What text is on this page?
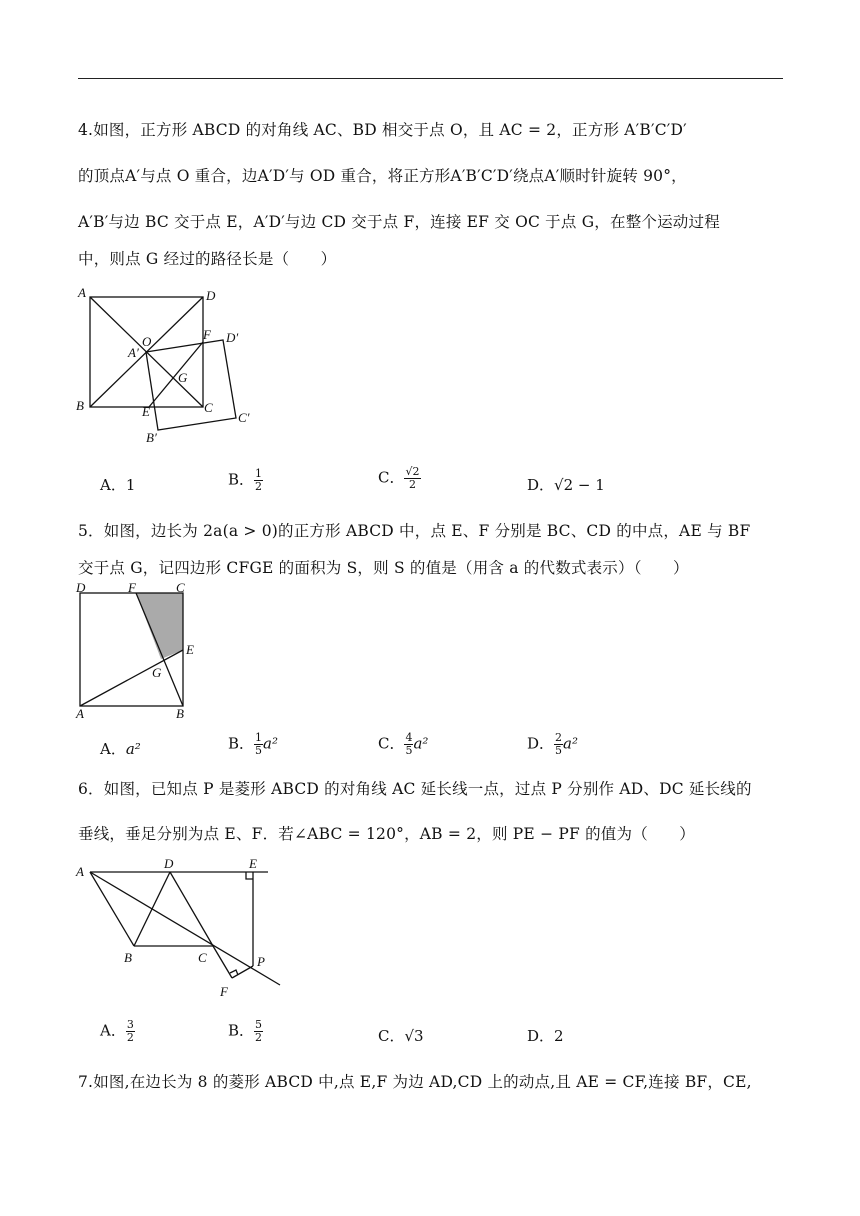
4.如图，正方形 ABCD 的对角线 AC、BD 相交于点 O，且 AC = 2，正方形 A′B′C′D′
的顶点A′与点 O 重合，边A′D′与 OD 重合，将正方形A′B′C′D′绕点A′顺时针旋转 90°，
A′B′与边 BC 交于点 E，A′D′与边 CD 交于点 F，连接 EF 交 OC 于点 G，在整个运动过程
中，则点 G 经过的路径长是（　　）
A	D
F D′
O
A′
G
B	E	C
C′
B′
A．1	B． $\frac{1}{2}$	C． $\frac{√2}{2}$	D．√2 − 1
5．如图，边长为 2a(a > 0)的正方形 ABCD 中，点 E、F 分别是 BC、CD 的中点，AE 与 BF
交于点 G，记四边形 CFGE 的面积为 S，则 S 的值是（用含 a 的代数式表示）（　　）
D	F	C
E
G
A	B
A．a²	B． $\frac{1}{5} a^2$	C． $\frac{4}{5} a^2$	D． $\frac{2}{5} a^2$
6．如图，已知点 P 是菱形 ABCD 的对角线 AC 延长线一点，过点 P 分别作 AD、DC 延长线的
垂线，垂足分别为点 E、F．若∠ABC = 120°，AB = 2，则 PE − PF 的值为（　　）
A
D	E
B	C	P
F
A． $\frac{3}{2}$	B． $\frac{5}{2}$	C．√3	D．2
7.如图,在边长为 8 的菱形 ABCD 中,点 E,F 为边 AD,CD 上的动点,且 AE = CF,连接 BF，CE,
